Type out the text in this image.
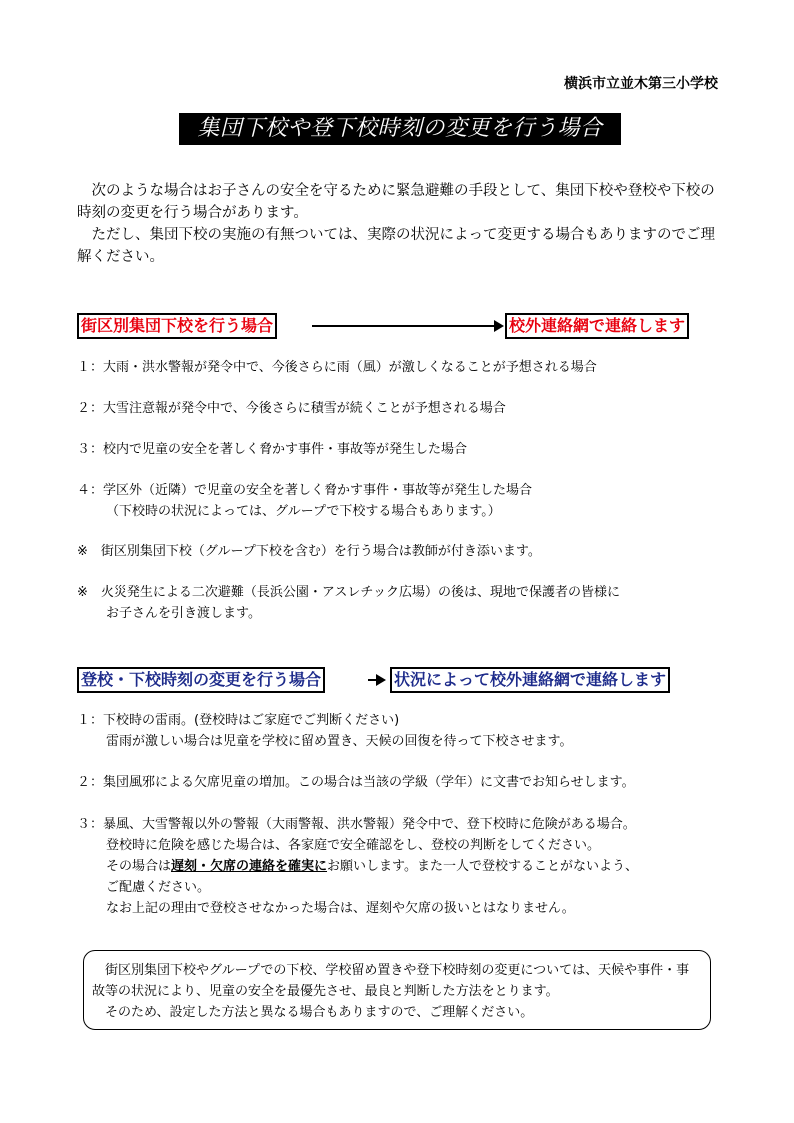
横浜市立並木第三小学校
集団下校や登下校時刻の変更を行う場合

次のような場合はお子さんの安全を守るために緊急避難の手段として、集団下校や登校や下校の時刻の変更を行う場合があります。

ただし、集団下校の実施の有無ついては、実際の状況によって変更する場合もありますのでご理解ください。

街区別集団下校を行う場合	校外連絡網で連絡します
１：大雨・洪水警報が発令中で、今後さらに雨（風）が激しくなることが予想される場合
２：大雪注意報が発令中で、今後さらに積雪が続くことが予想される場合
３：校内で児童の安全を著しく脅かす事件・事故等が発生した場合
４：学区外（近隣）で児童の安全を著しく脅かす事件・事故等が発生した場合
（下校時の状況によっては、グループで下校する場合もあります。）
※　街区別集団下校（グループ下校を含む）を行う場合は教師が付き添います。
※　火災発生による二次避難（長浜公園・アスレチック広場）の後は、現地で保護者の皆様に
お子さんを引き渡します。
登校・下校時刻の変更を行う場合	状況によって校外連絡網で連絡します
１：下校時の雷雨。(登校時はご家庭でご判断ください)
雷雨が激しい場合は児童を学校に留め置き、天候の回復を待って下校させます。
２：集団風邪による欠席児童の増加。この場合は当該の学級（学年）に文書でお知らせします。
３：暴風、大雪警報以外の警報（大雨警報、洪水警報）発令中で、登下校時に危険がある場合。
登校時に危険を感じた場合は、各家庭で安全確認をし、登校の判断をしてください。
その場合は遅刻・欠席の連絡を確実にお願いします。また一人で登校することがないよう、
ご配慮ください。
なお上記の理由で登校させなかった場合は、遅刻や欠席の扱いとはなりません。

街区別集団下校やグループでの下校、学校留め置きや登下校時刻の変更については、天候や事件・事故等の状況により、児童の安全を最優先させ、最良と判断した方法をとります。

そのため、設定した方法と異なる場合もありますので、ご理解ください。
